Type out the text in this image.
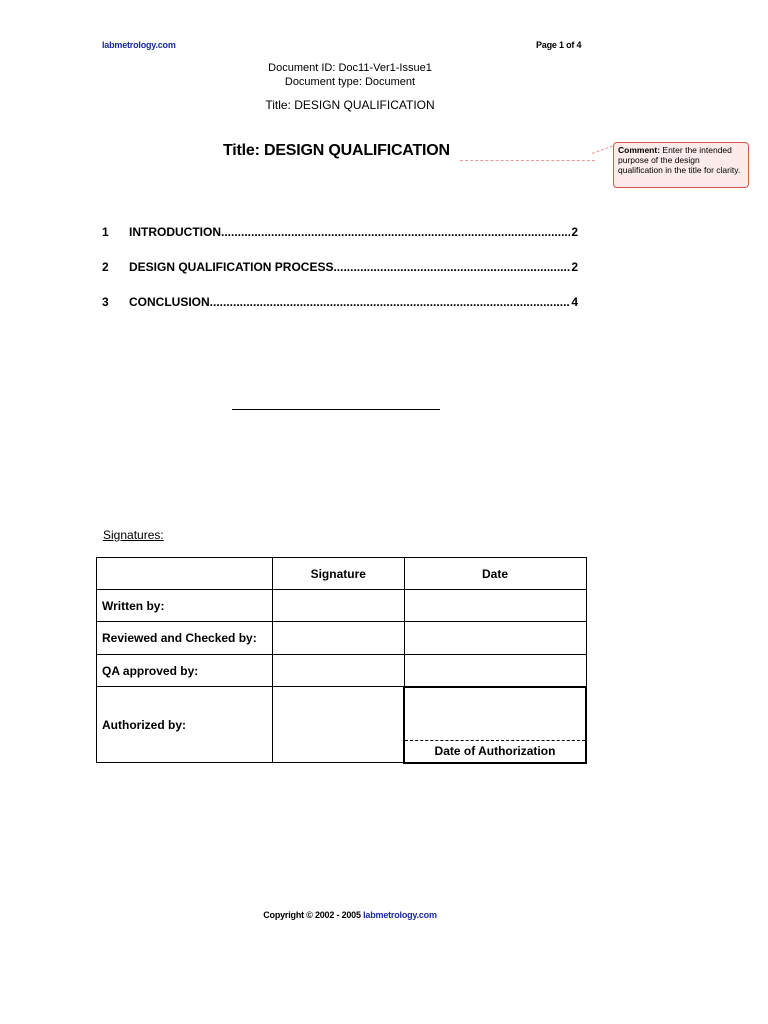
labmetrology.com	Page 1 of 4
Document ID: Doc11-Ver1-Issue1
Document type: Document
Title: DESIGN QUALIFICATION
Title: DESIGN QUALIFICATION	Comment: Enter the intended purpose of the design qualification in the title for clarity.
1	INTRODUCTION .....	2
2	DESIGN QUALIFICATION PROCESS .....	2
3	CONCLUSION .....	4
Signatures:
	Signature	Date
Written by:		
Reviewed and Checked by:		
QA approved by:		
Authorized by:		Date of Authorization
Copyright © 2002 - 2005 labmetrology.com
